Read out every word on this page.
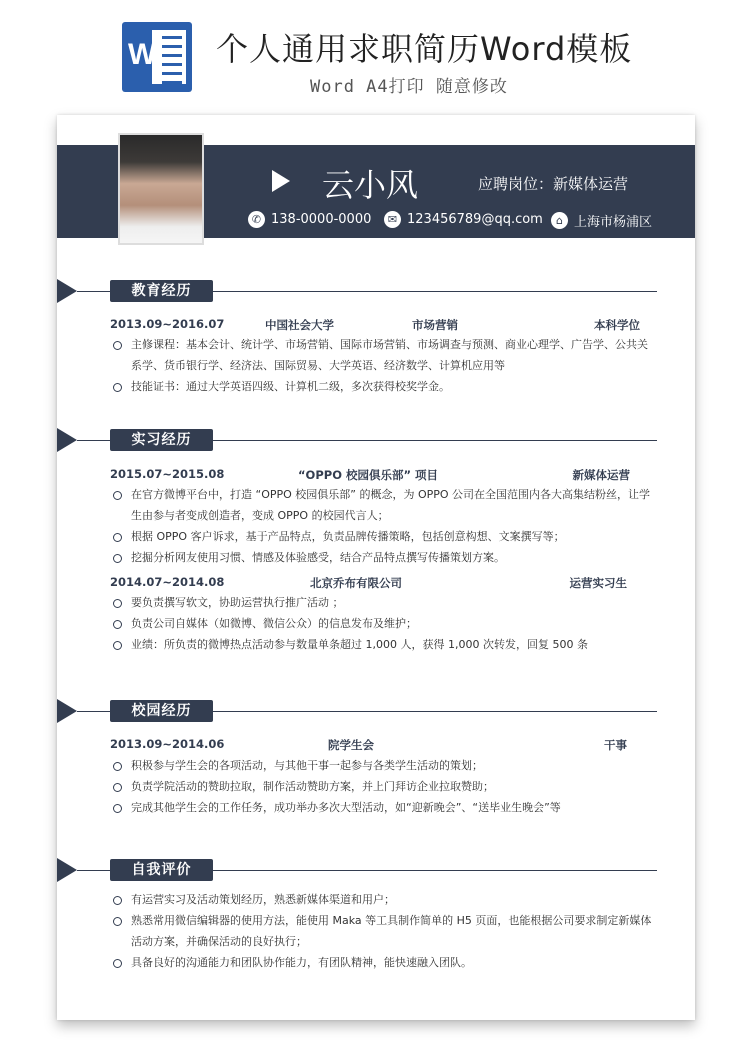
W 个人通用求职简历Word模板
Word A4打印 随意修改
云小风	应聘岗位：新媒体运营
✆ 138-0000-0000	✉ 123456789@qq.com	⌂ 上海市杨浦区
教育经历
2013.09~2016.07	中国社会大学	市场营销	本科学位
主修课程：基本会计、统计学、市场营销、国际市场营销、市场调查与预测、商业心理学、广告学、公共关系学、货币银行学、经济法、国际贸易、大学英语、经济数学、计算机应用等
技能证书：通过大学英语四级、计算机二级，多次获得校奖学金。
实习经历
2015.07~2015.08	“OPPO 校园俱乐部” 项目	新媒体运营
在官方微博平台中，打造 “OPPO 校园俱乐部” 的概念，为 OPPO 公司在全国范围内各大高集结粉丝，让学生由参与者变成创造者，变成 OPPO 的校园代言人；
根据 OPPO 客户诉求，基于产品特点，负责品牌传播策略，包括创意构想、文案撰写等；
挖掘分析网友使用习惯、情感及体验感受，结合产品特点撰写传播策划方案。
2014.07~2014.08	北京乔布有限公司	运营实习生
要负责撰写软文，协助运营执行推广活动 ；
负责公司自媒体（如微博、微信公众）的信息发布及维护；
业绩：所负责的微博热点活动参与数量单条超过 1,000 人，获得 1,000 次转发，回复 500 条
校园经历
2013.09~2014.06	院学生会	干事
积极参与学生会的各项活动，与其他干事一起参与各类学生活动的策划；
负责学院活动的赞助拉取，制作活动赞助方案，并上门拜访企业拉取赞助；
完成其他学生会的工作任务，成功举办多次大型活动，如“迎新晚会”、“送毕业生晚会”等
自我评价
有运营实习及活动策划经历，熟悉新媒体渠道和用户；
熟悉常用微信编辑器的使用方法，能使用 Maka 等工具制作简单的 H5 页面，也能根据公司要求制定新媒体活动方案，并确保活动的良好执行；
具备良好的沟通能力和团队协作能力，有团队精神，能快速融入团队。
